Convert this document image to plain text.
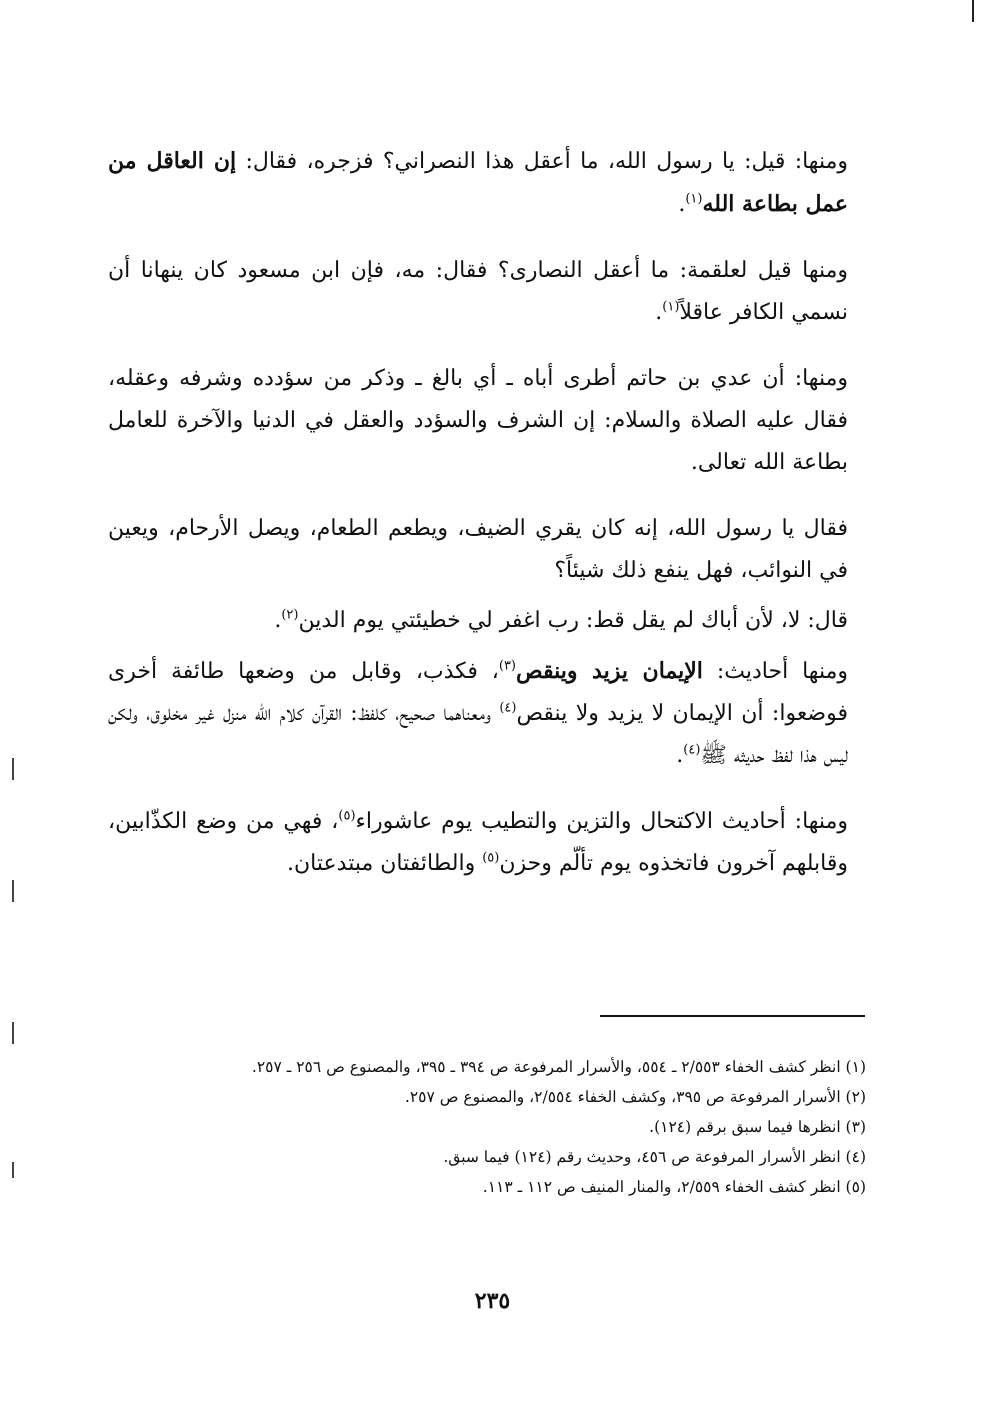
ومنها: قيل: يا رسول الله، ما أعقل هذا النصراني؟ فزجره، فقال: إن العاقل من عمل بطاعة الله$^{(١)}$.

ومنها قيل لعلقمة: ما أعقل النصارى؟ فقال: مه، فإن ابن مسعود كان ينهانا أن نسمي الكافر عاقلاً$^{(١)}$.

ومنها: أن عدي بن حاتم أطرى أباه ـ أي بالغ ـ وذكر من سؤدده وشرفه وعقله، فقال عليه الصلاة والسلام: إن الشرف والسؤدد والعقل في الدنيا والآخرة للعامل بطاعة الله تعالى.

فقال يا رسول الله، إنه كان يقري الضيف، ويطعم الطعام، ويصل الأرحام، ويعين في النوائب، فهل ينفع ذلك شيئاً؟

قال: لا، لأن أباك لم يقل قط: رب اغفر لي خطيئتي يوم الدين$^{(٢)}$.

ومنها أحاديث: الإيمان يزيد وينقص$^{(٣)}$، فكذب، وقابل من وضعها طائفة أخرى فوضعوا: أن الإيمان لا يزيد ولا ينقص$^{(٤)}$ ومعناهما صحيح، كلفظ: القرآن كلام الله منزل غير مخلوق، ولكن ليس هذا لفظ حديثه ﷺ$^{(٤)}$.

ومنها: أحاديث الاكتحال والتزين والتطيب يوم عاشوراء$^{(٥)}$، فهي من وضع الكذّابين، وقابلهم آخرون فاتخذوه يوم تألّم وحزن$^{(٥)}$ والطائفتان مبتدعتان.

(١) انظر كشف الخفاء ٢/٥٥٣ ـ ٥٥٤، والأسرار المرفوعة ص ٣٩٤ ـ ٣٩٥، والمصنوع ص ٢٥٦ ـ ٢٥٧.

(٢) الأسرار المرفوعة ص ٣٩٥، وكشف الخفاء ٢/٥٥٤، والمصنوع ص ٢٥٧.

(٣) انظرها فيما سبق برقم (١٢٤).

(٤) انظر الأسرار المرفوعة ص ٤٥٦، وحديث رقم (١٢٤) فيما سبق.

(٥) انظر كشف الخفاء ٢/٥٥٩، والمنار المنيف ص ١١٢ ـ ١١٣.

٢٣٥
